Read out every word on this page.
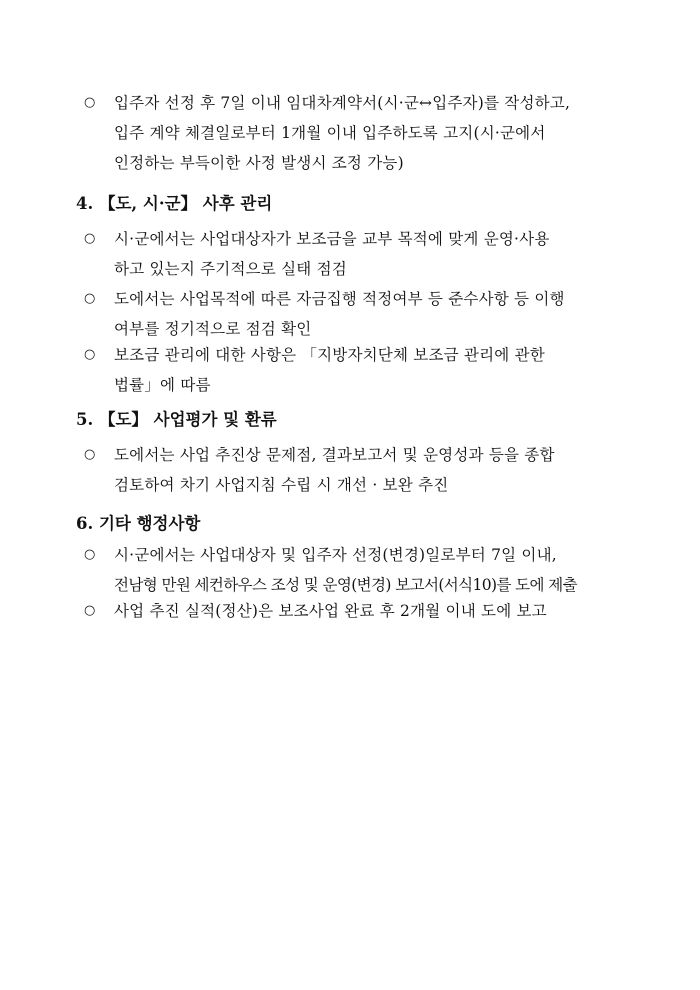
○	입주자 선정 후 7일 이내 임대차계약서(시·군↔입주자)를 작성하고,
입주 계약 체결일로부터 1개월 이내 입주하도록 고지(시·군에서
인정하는 부득이한 사정 발생시 조정 가능)
4. 【도, 시·군】 사후 관리
○	시·군에서는 사업대상자가 보조금을 교부 목적에 맞게 운영·사용
하고 있는지 주기적으로 실태 점검
○	도에서는 사업목적에 따른 자금집행 적정여부 등 준수사항 등 이행
여부를 정기적으로 점검 확인
○	보조금 관리에 대한 사항은 「지방자치단체 보조금 관리에 관한
법률」에 따름
5. 【도】 사업평가 및 환류
○	도에서는 사업 추진상 문제점, 결과보고서 및 운영성과 등을 종합
검토하여 차기 사업지침 수립 시 개선 · 보완 추진
6. 기타 행정사항
○	시·군에서는 사업대상자 및 입주자 선정(변경)일로부터 7일 이내,
전남형 만원 세컨하우스 조성 및 운영(변경) 보고서(서식10)를 도에 제출
○	사업 추진 실적(정산)은 보조사업 완료 후 2개월 이내 도에 보고
